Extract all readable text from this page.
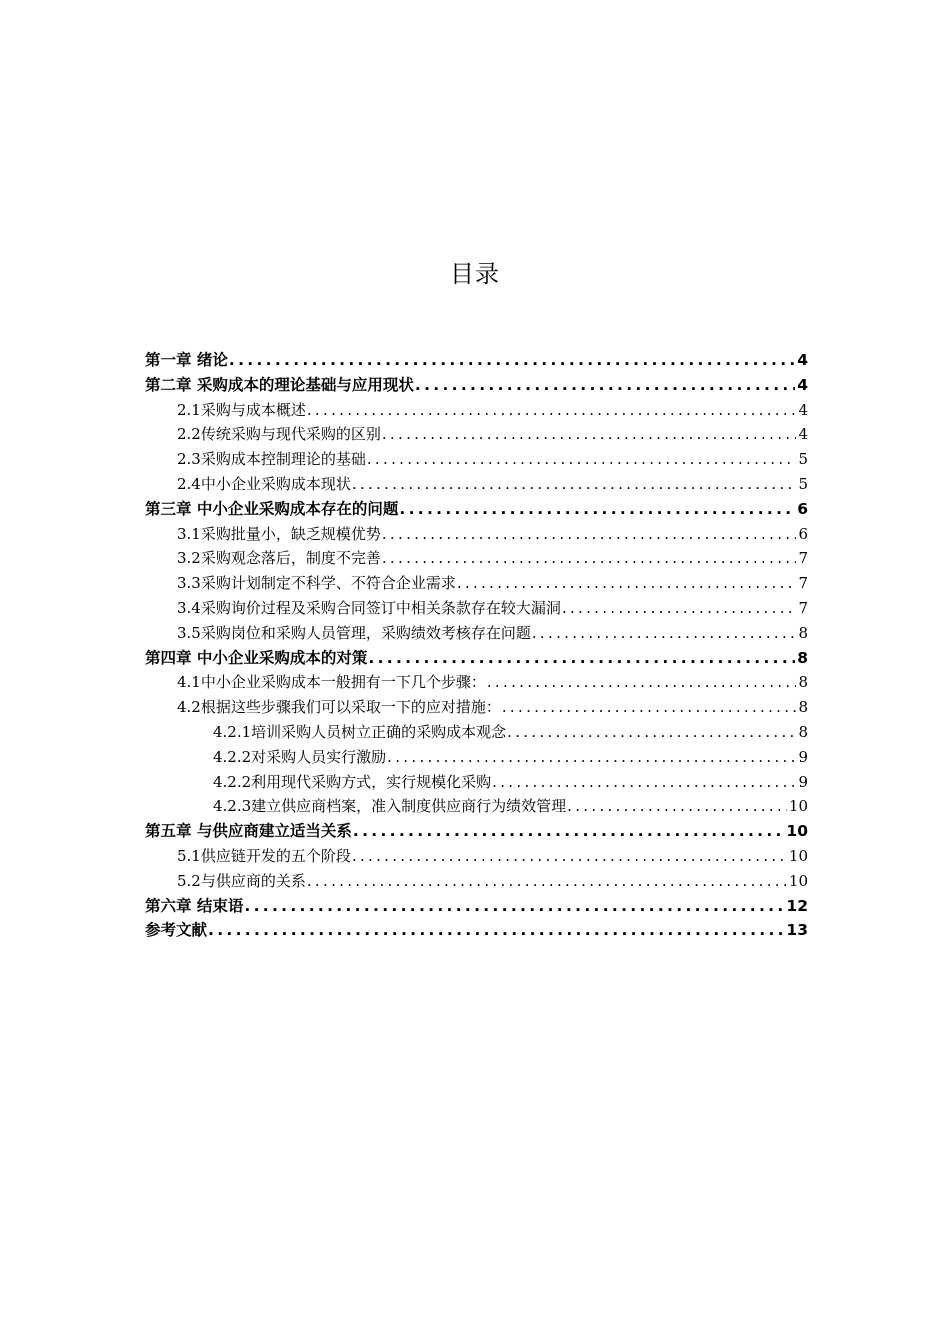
目录
第一章 绪论 .....	4
第二章 采购成本的理论基础与应用现状 .....	4
2.1采购与成本概述 .....	4
2.2传统采购与现代采购的区别 .....	4
2.3采购成本控制理论的基础 .....	5
2.4中小企业采购成本现状 .....	5
第三章 中小企业采购成本存在的问题 .....	6
3.1采购批量小，缺乏规模优势 .....	6
3.2采购观念落后，制度不完善 .....	7
3.3采购计划制定不科学、不符合企业需求 .....	7
3.4采购询价过程及采购合同签订中相关条款存在较大漏洞 .....	7
3.5采购岗位和采购人员管理，采购绩效考核存在问题 .....	8
第四章 中小企业采购成本的对策 .....	8
4.1中小企业采购成本一般拥有一下几个步骤： .....	8
4.2根据这些步骤我们可以采取一下的应对措施： .....	8
4.2.1培训采购人员树立正确的采购成本观念 .....	8
4.2.2对采购人员实行激励 .....	9
4.2.2利用现代采购方式，实行规模化采购 .....	9
4.2.3建立供应商档案，准入制度供应商行为绩效管理 .....	10
第五章 与供应商建立适当关系 .....	10
5.1供应链开发的五个阶段 .....	10
5.2与供应商的关系 .....	10
第六章 结束语 .....	12
参考文献 .....	13
